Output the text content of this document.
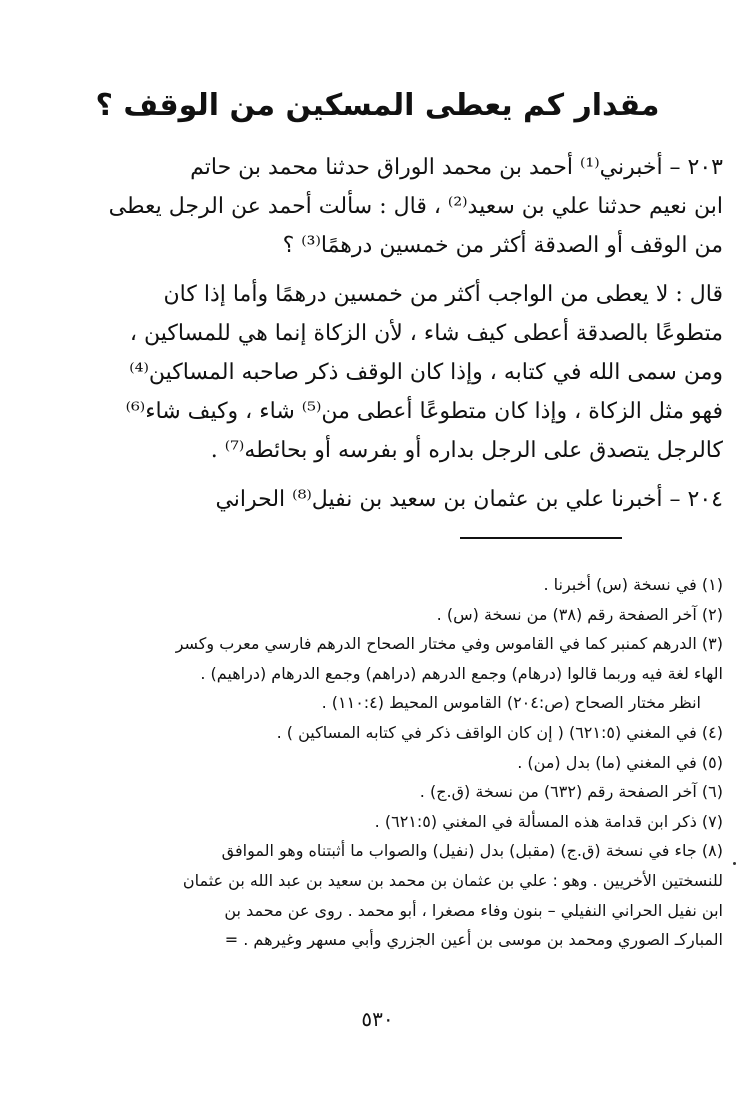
مقدار كم يعطى المسكين من الوقف ؟
٢٠٣ – أخبرني⁽¹⁾ أحمد بن محمد الوراق حدثنا محمد بن حاتم
ابن نعيم حدثنا علي بن سعيد⁽²⁾ ، قال : سألت أحمد عن الرجل يعطى
من الوقف أو الصدقة أكثر من خمسين درهمًا⁽³⁾ ؟
قال : لا يعطى من الواجب أكثر من خمسين درهمًا وأما إذا كان
متطوعًا بالصدقة أعطى كيف شاء ، لأن الزكاة إنما هي للمساكين ،
ومن سمى الله في كتابه ، وإذا كان الوقف ذكر صاحبه المساكين⁽⁴⁾
فهو مثل الزكاة ، وإذا كان متطوعًا أعطى من⁽⁵⁾ شاء ، وكيف شاء⁽⁶⁾
كالرجل يتصدق على الرجل بداره أو بفرسه أو بحائطه⁽⁷⁾ .
٢٠٤ – أخبرنا علي بن عثمان بن سعيد بن نفيل⁽⁸⁾ الحراني
(١) في نسخة (س) أخبرنا .
(٢) آخر الصفحة رقم (٣٨) من نسخة (س) .
(٣) الدرهم كمنبر كما في القاموس وفي مختار الصحاح الدرهم فارسي معرب وكسر
الهاء لغة فيه وربما قالوا (درهام) وجمع الدرهم (دراهم) وجمع الدرهام (دراهيم) .
انظر مختار الصحاح (ص:٢٠٤) القاموس المحيط (١١٠:٤) .
(٤) في المغني (٦٢١:٥) ( إن كان الواقف ذكر في كتابه المساكين ) .
(٥) في المغني (ما) بدل (من) .
(٦) آخر الصفحة رقم (٦٣٢) من نسخة (ق.ج) .
(٧) ذكر ابن قدامة هذه المسألة في المغني (٦٢١:٥) .
(٨) جاء في نسخة (ق.ج) (مقبل) بدل (نفيل) والصواب ما أثبتناه وهو الموافق
للنسختين الأخريين . وهو : علي بن عثمان بن محمد بن سعيد بن عبد الله بن عثمان
ابن نفيل الحراني النفيلي – بنون وفاء مصغرا ، أبو محمد . روى عن محمد بن
المباركـ الصوري ومحمد بن موسى بن أعين الجزري وأبي مسهر وغيرهم . =
٥٣٠
